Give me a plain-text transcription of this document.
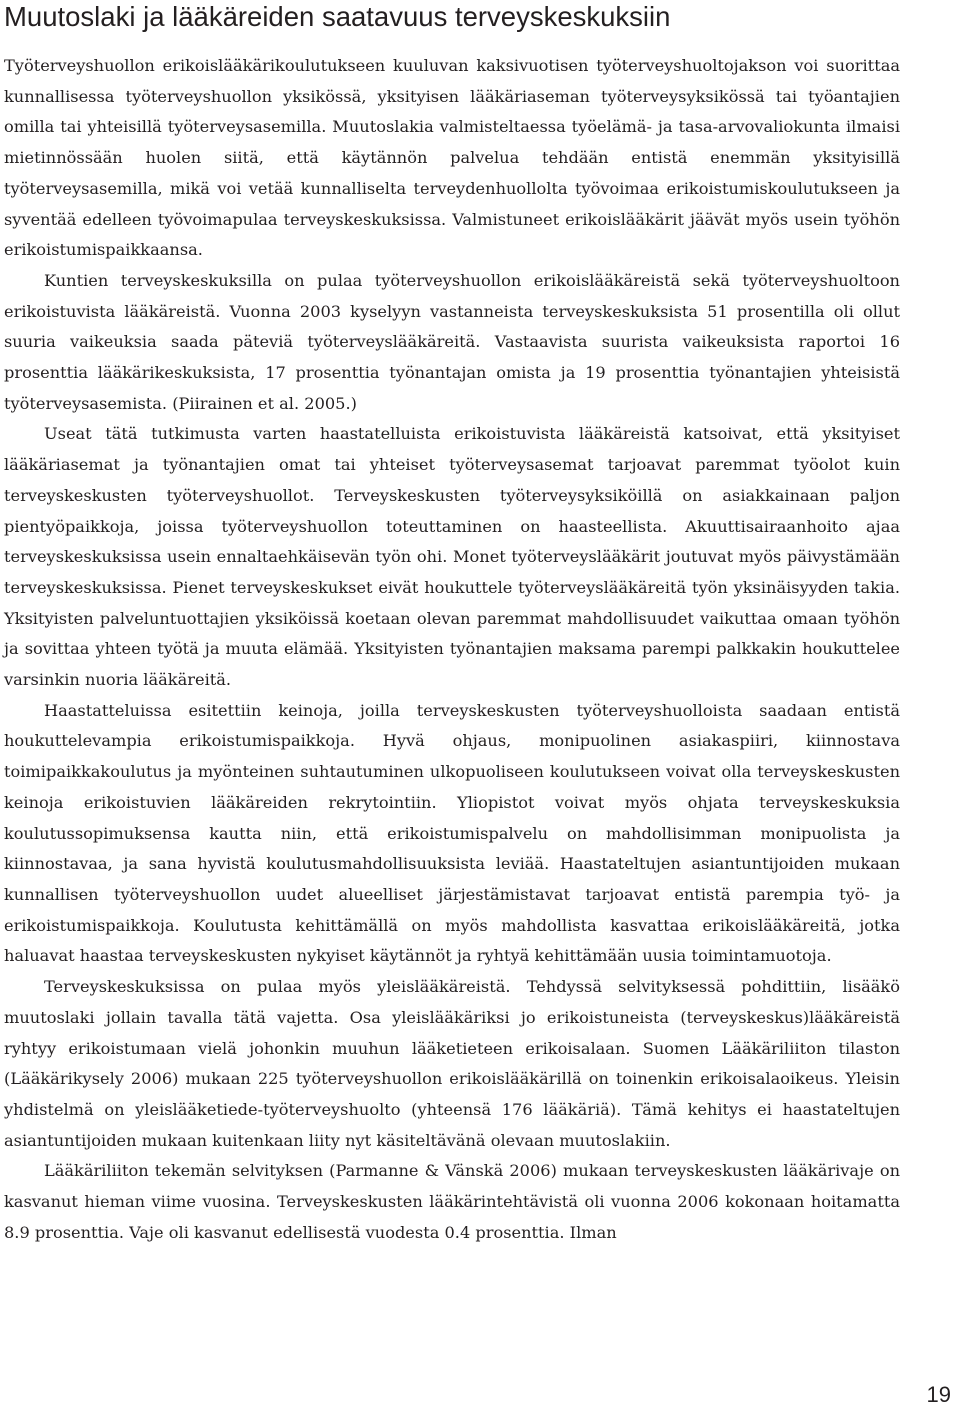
Muutoslaki ja lääkäreiden saatavuus terveyskeskuksiin

Työterveyshuollon erikoislääkärikoulutukseen kuuluvan kaksivuotisen työterveyshuoltojakson voi suorittaa kunnallisessa työterveyshuollon yksikössä, yksityisen lääkäriaseman työterveysyksikössä tai työantajien omilla tai yhteisillä työterveysasemilla. Muutoslakia valmisteltaessa työelämä- ja tasa-arvovaliokunta ilmaisi mietinnössään huolen siitä, että käytännön palvelua tehdään entistä enemmän yksityisillä työterveysasemilla, mikä voi vetää kunnalliselta terveydenhuollolta työvoimaa erikoistumiskoulutukseen ja syventää edelleen työvoimapulaa terveyskeskuksissa. Valmistuneet erikoislääkärit jäävät myös usein työhön erikoistumispaikkaansa.

Kuntien terveyskeskuksilla on pulaa työterveyshuollon erikoislääkäreistä sekä työterveyshuoltoon erikoistuvista lääkäreistä. Vuonna 2003 kyselyyn vastanneista terveyskeskuksista 51 prosentilla oli ollut suuria vaikeuksia saada päteviä työterveyslääkäreitä. Vastaavista suurista vaikeuksista raportoi 16 prosenttia lääkärikeskuksista, 17 prosenttia työnantajan omista ja 19 prosenttia työnantajien yhteisistä työterveysasemista. (Piirainen et al. 2005.)

Useat tätä tutkimusta varten haastatelluista erikoistuvista lääkäreistä katsoivat, että yksityiset lääkäriasemat ja työnantajien omat tai yhteiset työterveysasemat tarjoavat paremmat työolot kuin terveyskeskusten työterveyshuollot. Terveyskeskusten työterveysyksiköillä on asiakkainaan paljon pientyöpaikkoja, joissa työterveyshuollon toteuttaminen on haasteellista. Akuuttisairaanhoito ajaa terveyskeskuksissa usein ennaltaehkäisevän työn ohi. Monet työterveyslääkärit joutuvat myös päivystämään terveyskeskuksissa. Pienet terveyskeskukset eivät houkuttele työterveyslääkäreitä työn yksinäisyyden takia. Yksityisten palveluntuottajien yksiköissä koetaan olevan paremmat mahdollisuudet vaikuttaa omaan työhön ja sovittaa yhteen työtä ja muuta elämää. Yksityisten työnantajien maksama parempi palkkakin houkuttelee varsinkin nuoria lääkäreitä.

Haastatteluissa esitettiin keinoja, joilla terveyskeskusten työterveyshuolloista saadaan entistä houkuttelevampia erikoistumispaikkoja. Hyvä ohjaus, monipuolinen asiakaspiiri, kiinnostava toimipaikkakoulutus ja myönteinen suhtautuminen ulkopuoliseen koulutukseen voivat olla terveyskeskusten keinoja erikoistuvien lääkäreiden rekrytointiin. Yliopistot voivat myös ohjata terveyskeskuksia koulutussopimuksensa kautta niin, että erikoistumispalvelu on mahdollisimman monipuolista ja kiinnostavaa, ja sana hyvistä koulutusmahdollisuuksista leviää. Haastateltujen asiantuntijoiden mukaan kunnallisen työterveyshuollon uudet alueelliset järjestämistavat tarjoavat entistä parempia työ- ja erikoistumispaikkoja. Koulutusta kehittämällä on myös mahdollista kasvattaa erikoislääkäreitä, jotka haluavat haastaa terveyskeskusten nykyiset käytännöt ja ryhtyä kehittämään uusia toimintamuotoja.

Terveyskeskuksissa on pulaa myös yleislääkäreistä. Tehdyssä selvityksessä pohdittiin, lisääkö muutoslaki jollain tavalla tätä vajetta. Osa yleislääkäriksi jo erikoistuneista (terveyskeskus)lääkäreistä ryhtyy erikoistumaan vielä johonkin muuhun lääketieteen erikoisalaan. Suomen Lääkäriliiton tilaston (Lääkärikysely 2006) mukaan 225 työterveyshuollon erikoislääkärillä on toinenkin erikoisalaoikeus. Yleisin yhdistelmä on yleislääketiede-työterveyshuolto (yhteensä 176 lääkäriä). Tämä kehitys ei haastateltujen asiantuntijoiden mukaan kuitenkaan liity nyt käsiteltävänä olevaan muutoslakiin.

Lääkäriliiton tekemän selvityksen (Parmanne & Vänskä 2006) mukaan terveyskeskusten lääkärivaje on kasvanut hieman viime vuosina. Terveyskeskusten lääkärintehtävistä oli vuonna 2006 kokonaan hoitamatta 8.9 prosenttia. Vaje oli kasvanut edellisestä vuodesta 0.4 prosenttia. Ilman

19
